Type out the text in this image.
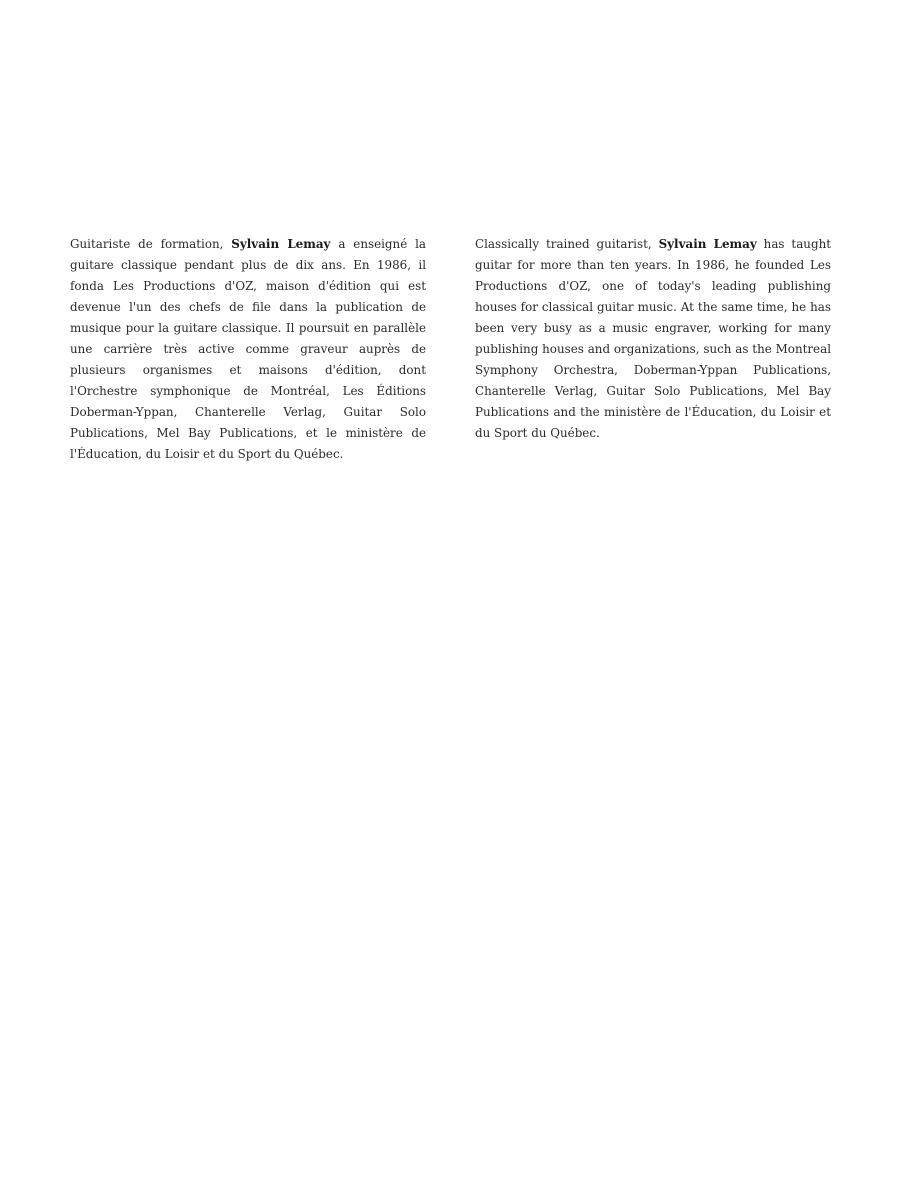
Guitariste de formation, Sylvain Lemay a enseigné la guitare classique pendant plus de dix ans. En 1986, il fonda Les Productions d'OZ, maison d'édition qui est devenue l'un des chefs de file dans la publication de musique pour la guitare classique. Il poursuit en parallèle une carrière très active comme graveur auprès de plusieurs organismes et maisons d'édition, dont l'Orchestre symphonique de Montréal, Les Éditions Doberman-Yppan, Chanterelle Verlag, Guitar Solo Publications, Mel Bay Publications, et le ministère de l'Éducation, du Loisir et du Sport du Québec.

Classically trained guitarist, Sylvain Lemay has taught guitar for more than ten years. In 1986, he founded Les Productions d'OZ, one of today's leading publishing houses for classical guitar music. At the same time, he has been very busy as a music engraver, working for many publishing houses and organizations, such as the Montreal Symphony Orchestra, Doberman-Yppan Publications, Chanterelle Verlag, Guitar Solo Publications, Mel Bay Publications and the ministère de l'Éducation, du Loisir et du Sport du Québec.
